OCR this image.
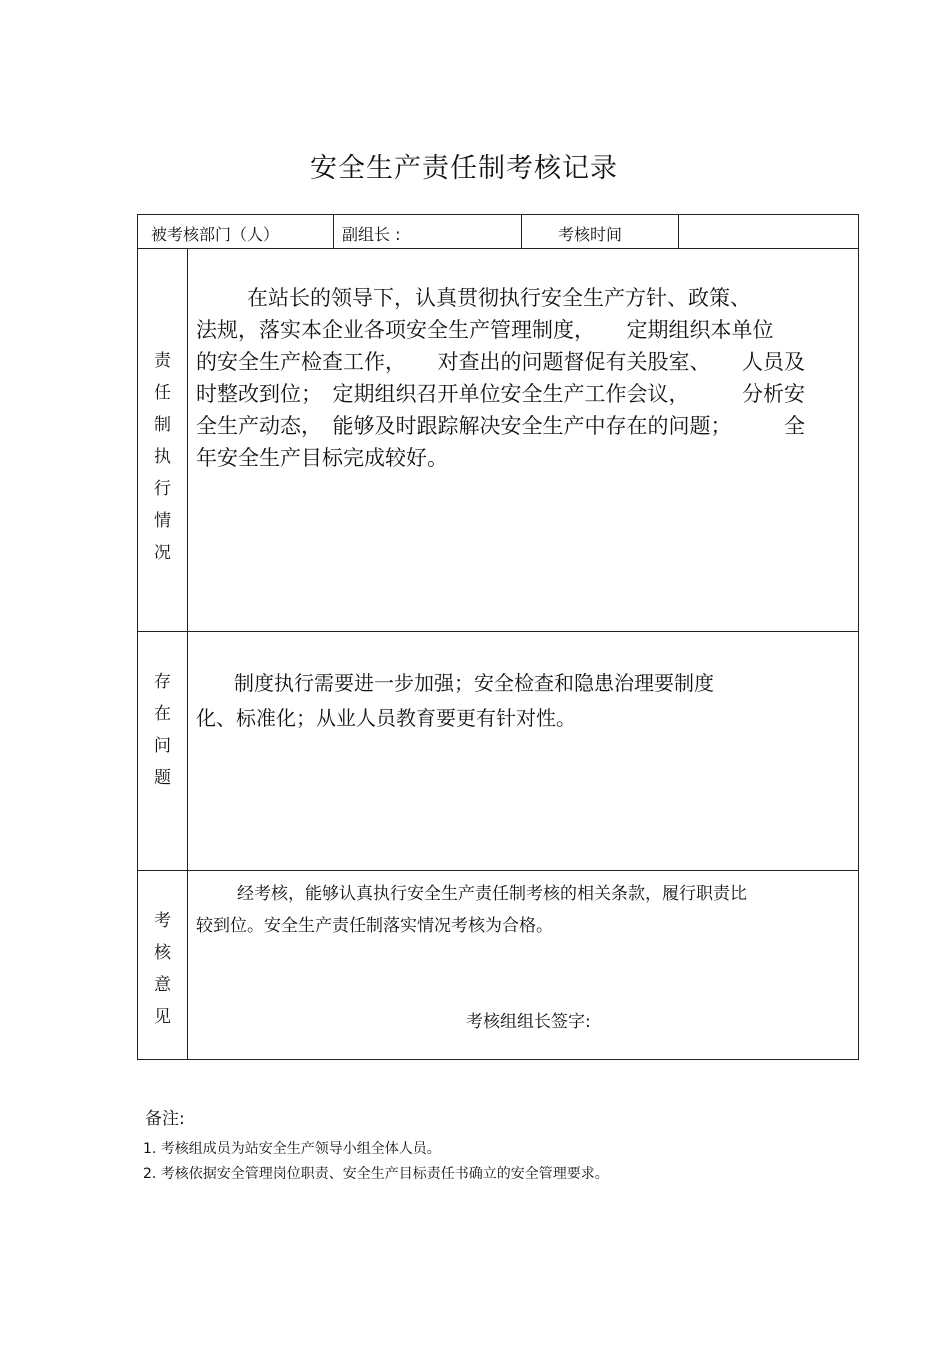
安全生产责任制考核记录
被考核部门（人）	副组长 :	考核时间
责
任
制
执
行
情
况
在站长的领导下，认真贯彻执行安全生产方针、政策、
法规，落实本企业各项安全生产管理制度，　　定期组织本单位
的安全生产检查工作，　　对查出的问题督促有关股室、　　人员及
时整改到位；　定期组织召开单位安全生产工作会议，　　　分析安
全生产动态，　能够及时跟踪解决安全生产中存在的问题；　　　全
年安全生产目标完成较好。
存
在
问
题
制度执行需要进一步加强；安全检查和隐患治理要制度
化、标准化；从业人员教育要更有针对性。
考
核
意
见
经考核，能够认真执行安全生产责任制考核的相关条款，履行职责比
较到位。安全生产责任制落实情况考核为合格。
考核组组长签字:
备注:
1. 考核组成员为站安全生产领导小组全体人员。
2. 考核依据安全管理岗位职责、安全生产目标责任书确立的安全管理要求。
